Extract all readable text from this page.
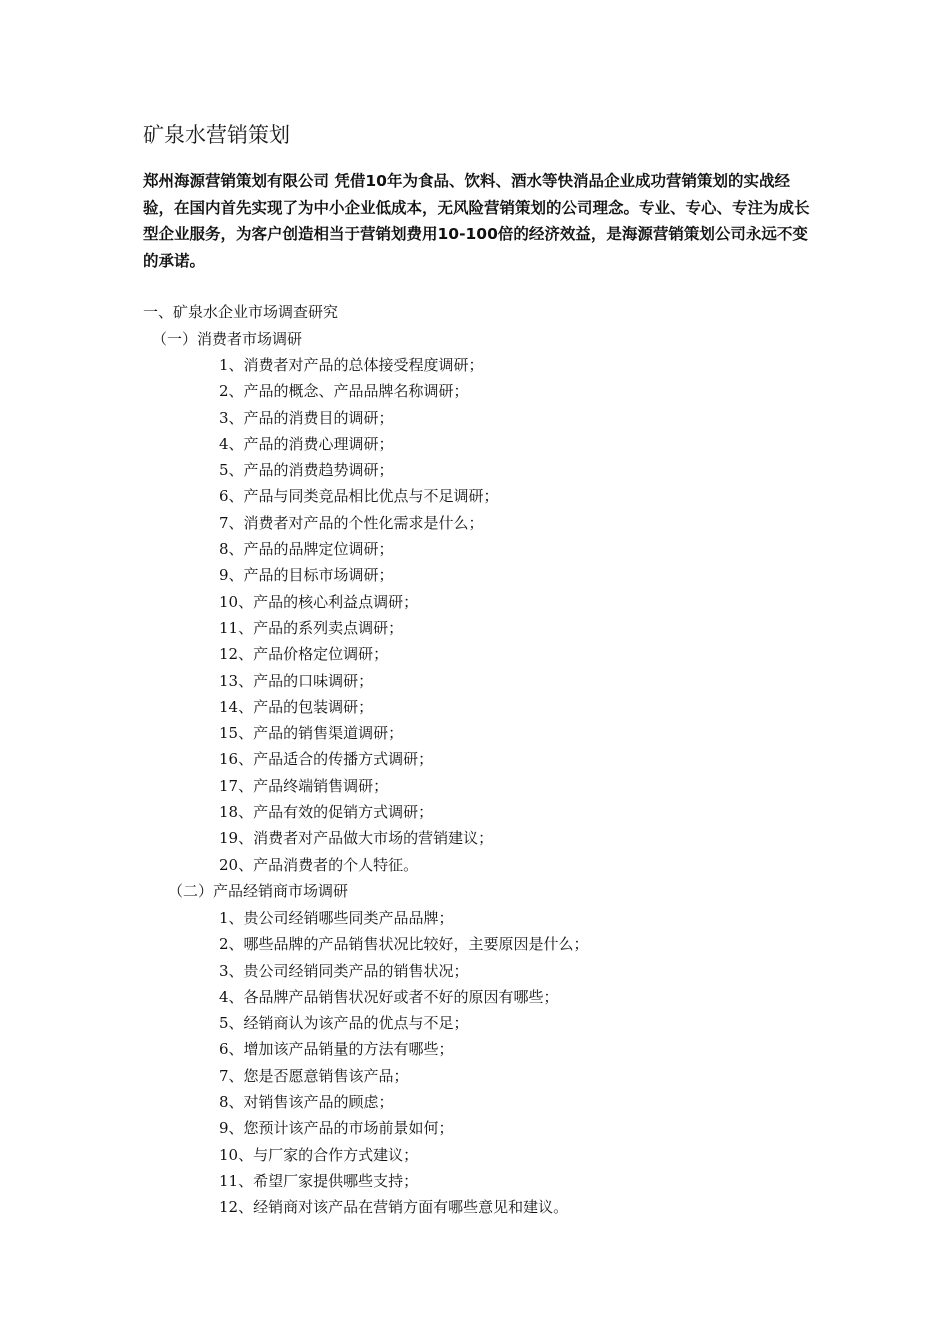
矿泉水营销策划

郑州海源营销策划有限公司 凭借10年为食品、饮料、酒水等快消品企业成功营销策划的实战经验，在国内首先实现了为中小企业低成本，无风险营销策划的公司理念。专业、专心、专注为成长型企业服务，为客户创造相当于营销划费用10-100倍的经济效益，是海源营销策划公司永远不变的承诺。

一、矿泉水企业市场调查研究
（一）消费者市场调研
1、消费者对产品的总体接受程度调研；
2、产品的概念、产品品牌名称调研；
3、产品的消费目的调研；
4、产品的消费心理调研；
5、产品的消费趋势调研；
6、产品与同类竞品相比优点与不足调研；
7、消费者对产品的个性化需求是什么；
8、产品的品牌定位调研；
9、产品的目标市场调研；
10、产品的核心利益点调研；
11、产品的系列卖点调研；
12、产品价格定位调研；
13、产品的口味调研；
14、产品的包装调研；
15、产品的销售渠道调研；
16、产品适合的传播方式调研；
17、产品终端销售调研；
18、产品有效的促销方式调研；
19、消费者对产品做大市场的营销建议；
20、产品消费者的个人特征。
（二）产品经销商市场调研
1、贵公司经销哪些同类产品品牌；
2、哪些品牌的产品销售状况比较好，主要原因是什么；
3、贵公司经销同类产品的销售状况；
4、各品牌产品销售状况好或者不好的原因有哪些；
5、经销商认为该产品的优点与不足；
6、增加该产品销量的方法有哪些；
7、您是否愿意销售该产品；
8、对销售该产品的顾虑；
9、您预计该产品的市场前景如何；
10、与厂家的合作方式建议；
11、希望厂家提供哪些支持；
12、经销商对该产品在营销方面有哪些意见和建议。
